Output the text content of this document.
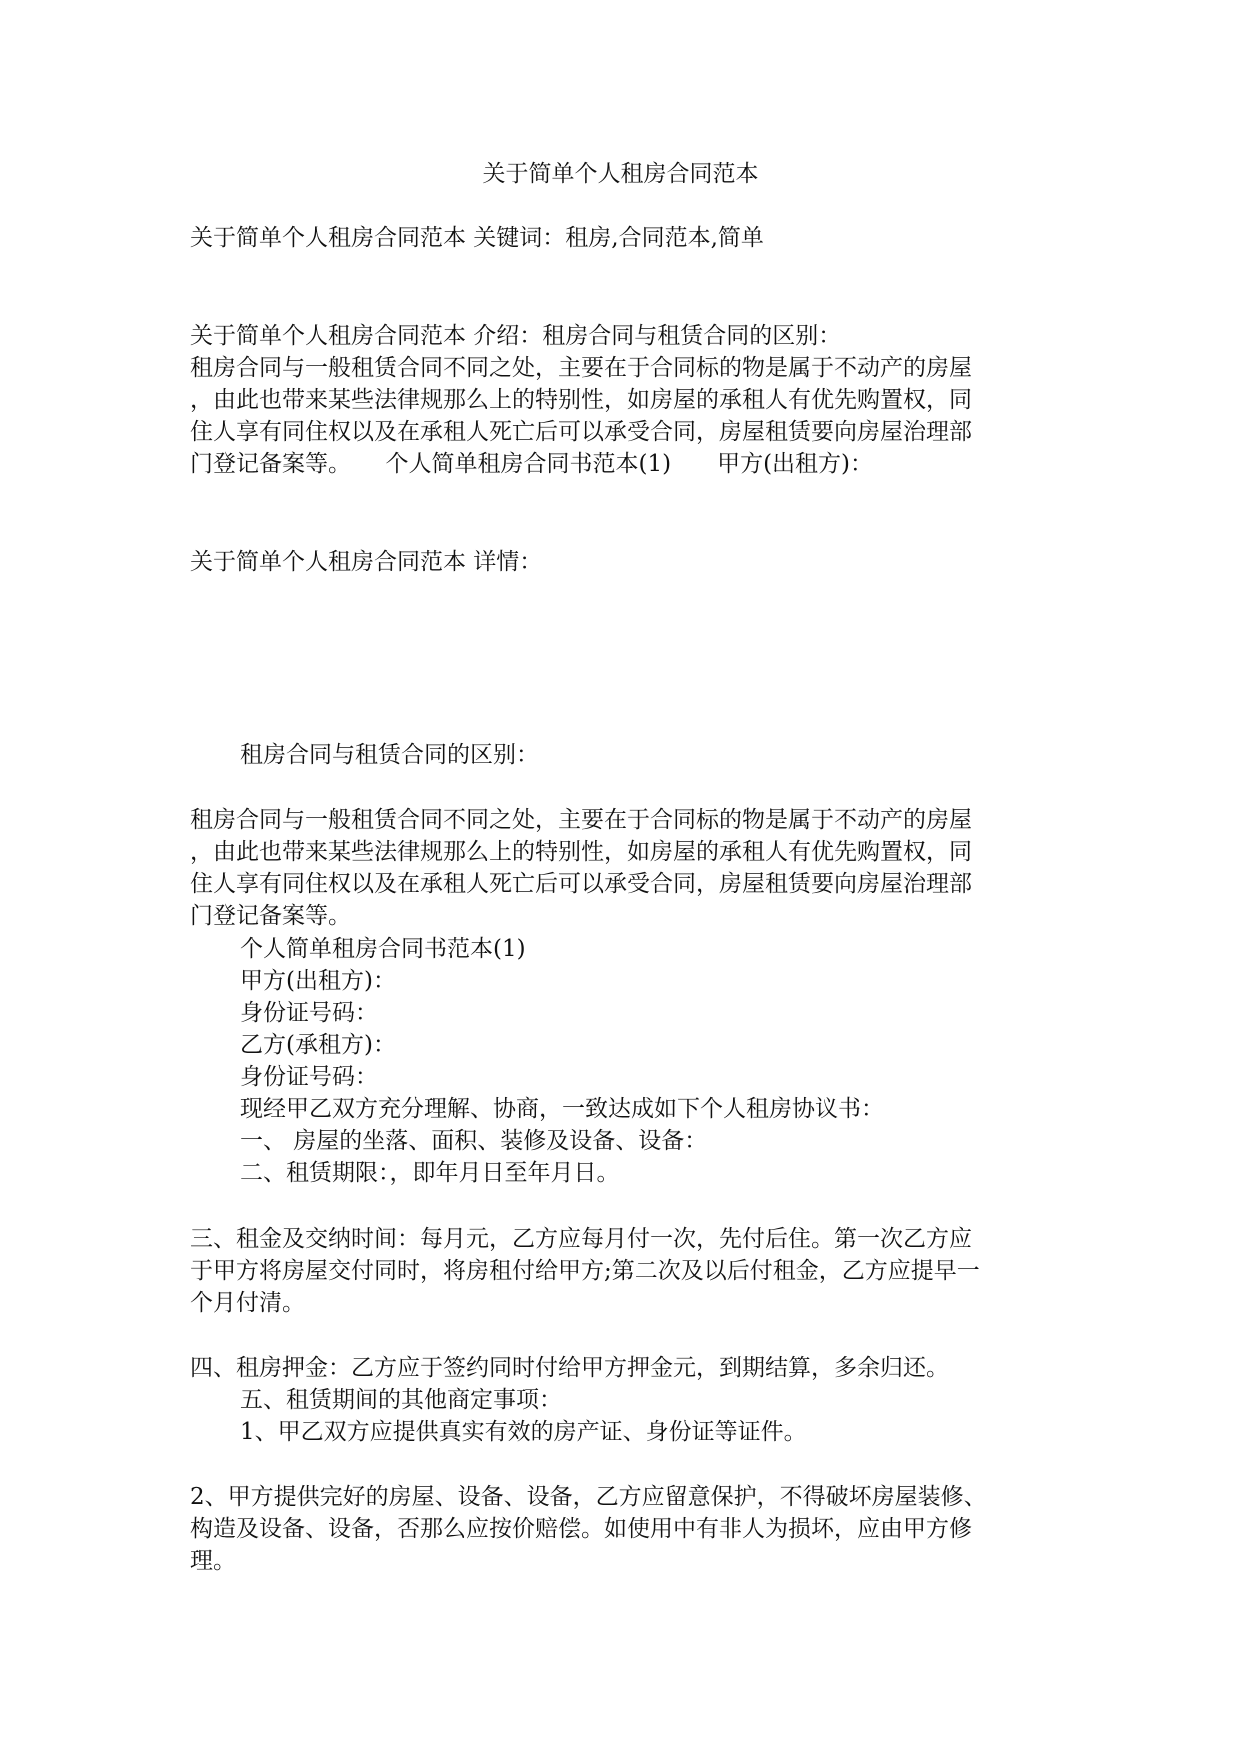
关于简单个人租房合同范本
关于简单个人租房合同范本 关键词：租房,合同范本,简单
关于简单个人租房合同范本 介绍：租房合同与租赁合同的区别：
租房合同与一般租赁合同不同之处，主要在于合同标的物是属于不动产的房屋
，由此也带来某些法律规那么上的特别性，如房屋的承租人有优先购置权，同
住人享有同住权以及在承租人死亡后可以承受合同，房屋租赁要向房屋治理部
门登记备案等。　　个人简单租房合同书范本(1)　　甲方(出租方)：
关于简单个人租房合同范本 详情：
租房合同与租赁合同的区别：
租房合同与一般租赁合同不同之处，主要在于合同标的物是属于不动产的房屋
，由此也带来某些法律规那么上的特别性，如房屋的承租人有优先购置权，同
住人享有同住权以及在承租人死亡后可以承受合同，房屋租赁要向房屋治理部
门登记备案等。
个人简单租房合同书范本(1)
甲方(出租方)：
身份证号码：
乙方(承租方)：
身份证号码：
现经甲乙双方充分理解、协商，一致达成如下个人租房协议书：
一、 房屋的坐落、面积、装修及设备、设备：
二、租赁期限：，即年月日至年月日。
三、租金及交纳时间：每月元，乙方应每月付一次，先付后住。第一次乙方应
于甲方将房屋交付同时，将房租付给甲方;第二次及以后付租金，乙方应提早一
个月付清。
四、租房押金：乙方应于签约同时付给甲方押金元，到期结算，多余归还。
五、租赁期间的其他商定事项：
1、甲乙双方应提供真实有效的房产证、身份证等证件。
2、甲方提供完好的房屋、设备、设备，乙方应留意保护，不得破坏房屋装修、
构造及设备、设备，否那么应按价赔偿。如使用中有非人为损坏，应由甲方修
理。
